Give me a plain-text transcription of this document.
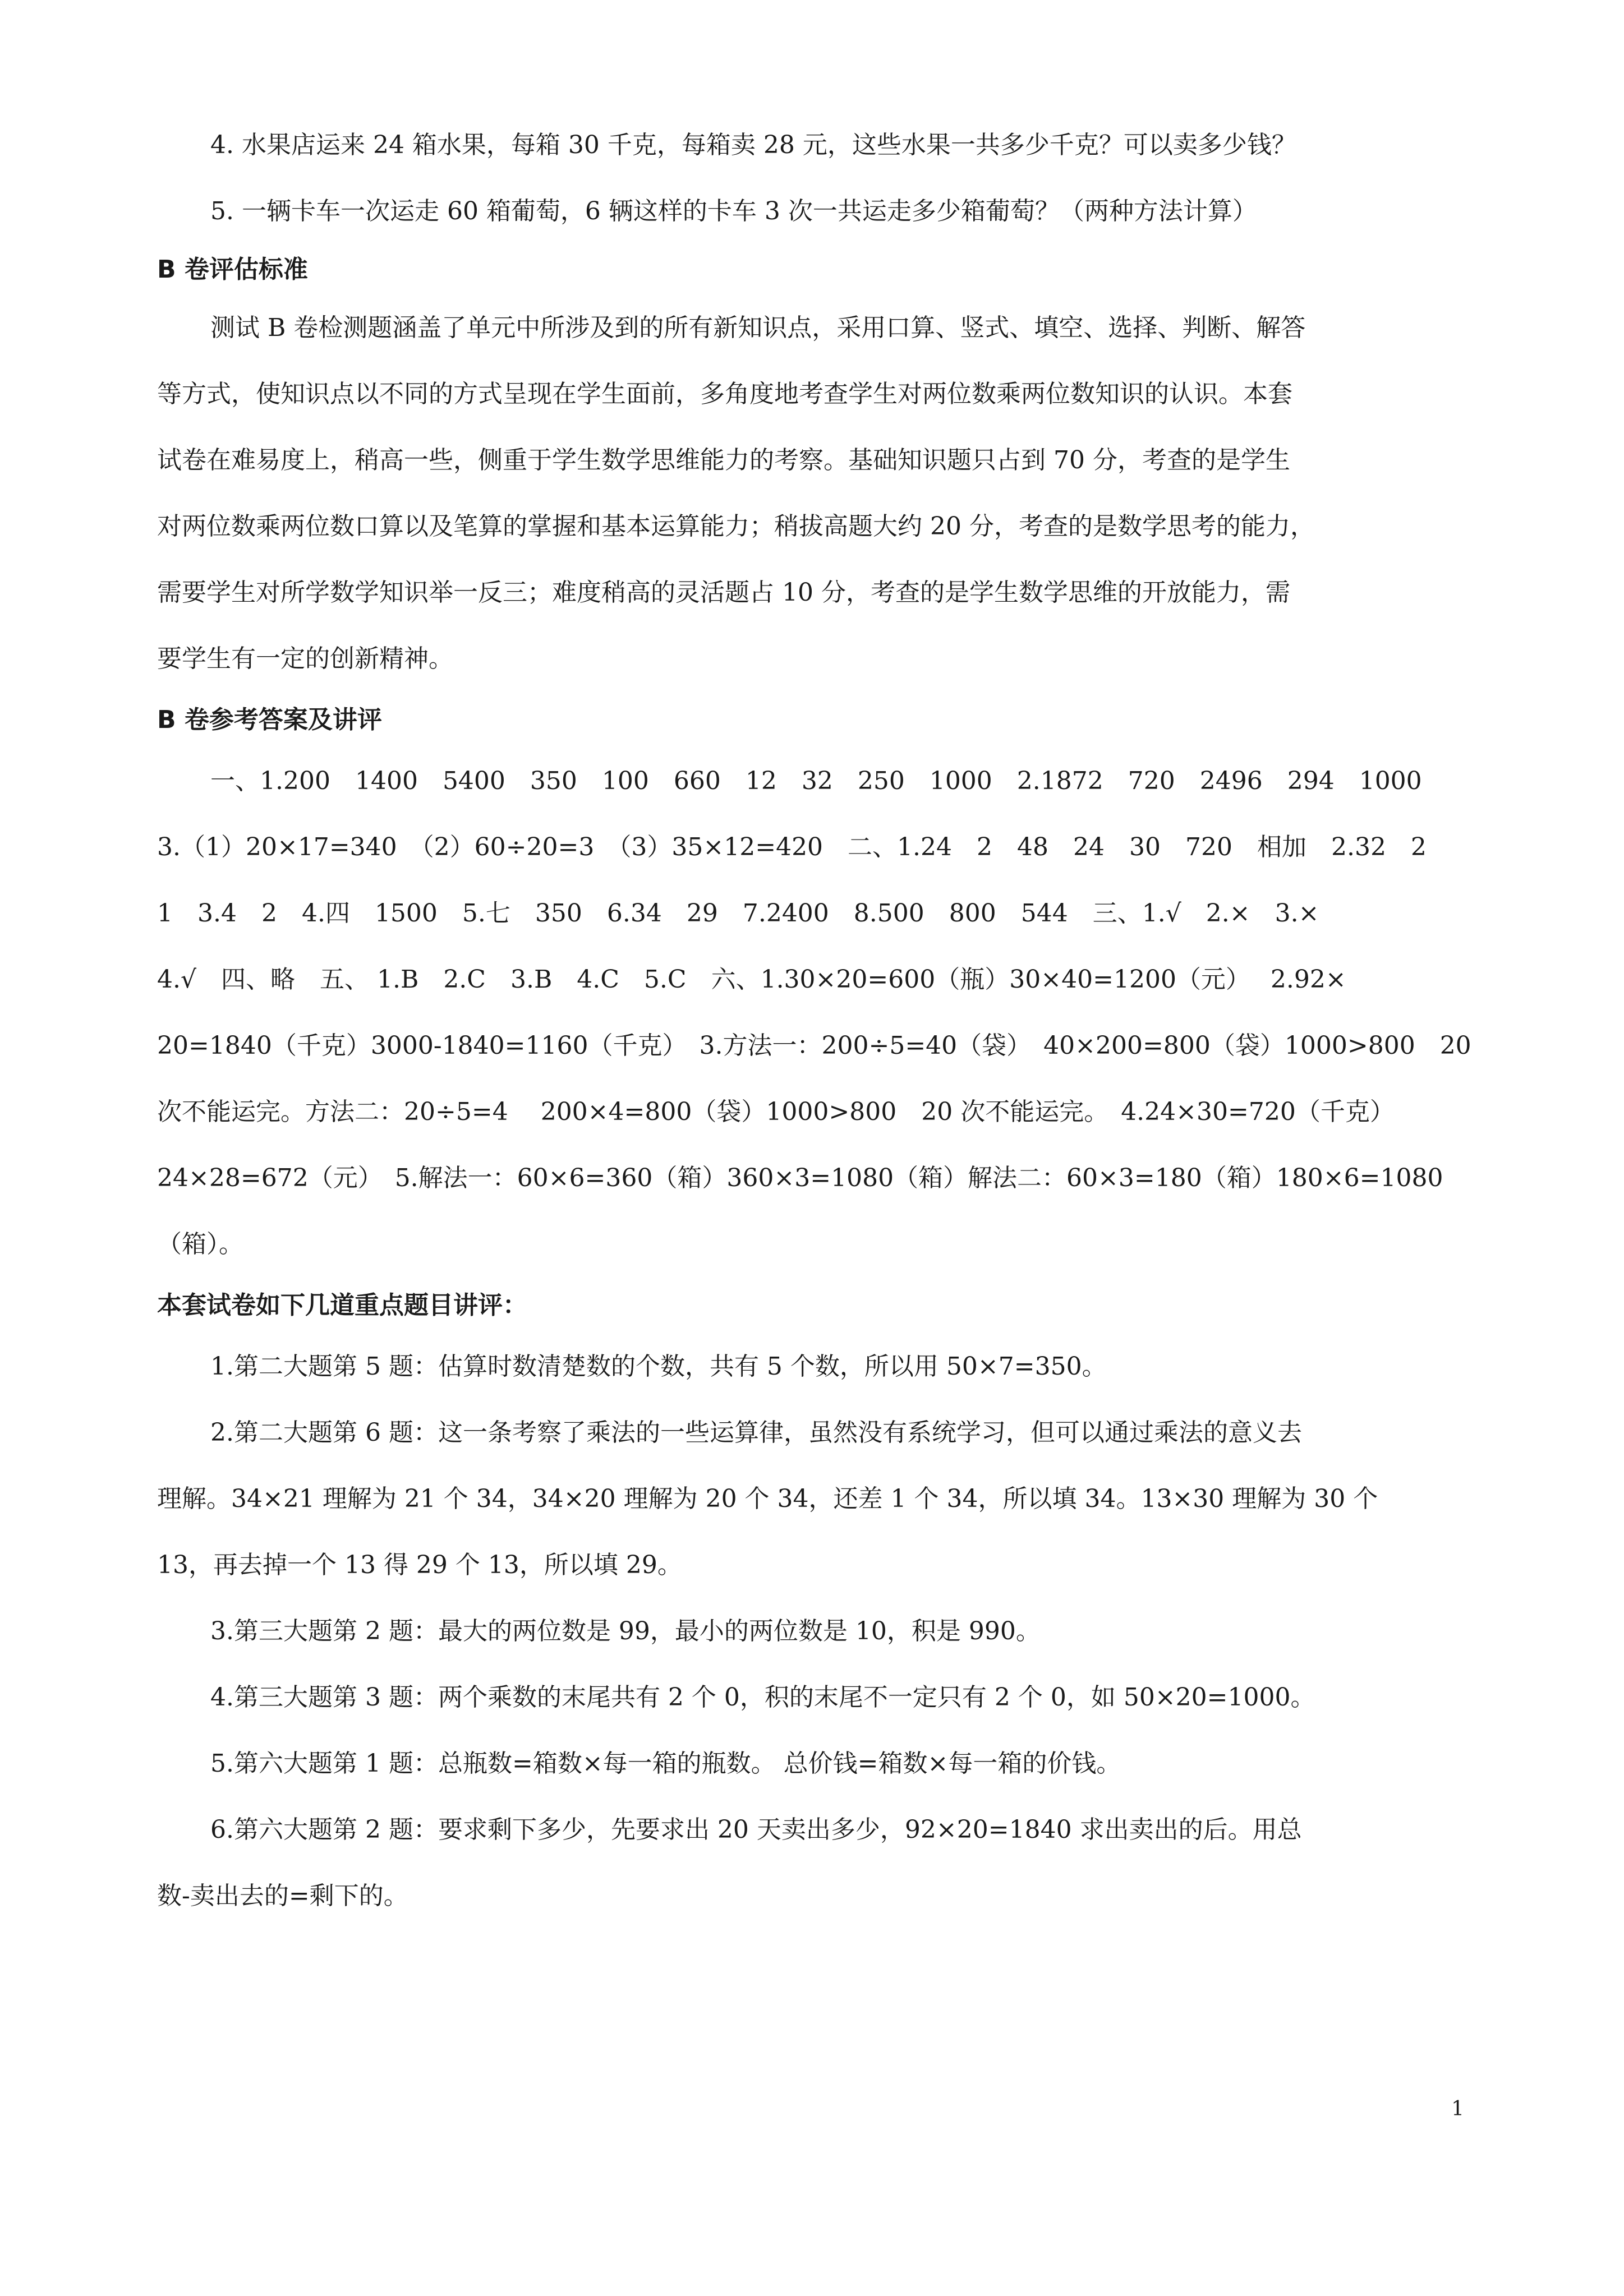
4. 水果店运来 24 箱水果，每箱 30 千克，每箱卖 28 元，这些水果一共多少千克？可以卖多少钱？

5. 一辆卡车一次运走 60 箱葡萄，6 辆这样的卡车 3 次一共运走多少箱葡萄？（两种方法计算）

B 卷评估标准

测试 B 卷检测题涵盖了单元中所涉及到的所有新知识点，采用口算、竖式、填空、选择、判断、解答

等方式，使知识点以不同的方式呈现在学生面前，多角度地考查学生对两位数乘两位数知识的认识。本套

试卷在难易度上，稍高一些，侧重于学生数学思维能力的考察。基础知识题只占到 70 分，考查的是学生

对两位数乘两位数口算以及笔算的掌握和基本运算能力；稍拔高题大约 20 分，考查的是数学思考的能力，

需要学生对所学数学知识举一反三；难度稍高的灵活题占 10 分，考查的是学生数学思维的开放能力，需

要学生有一定的创新精神。

B 卷参考答案及讲评

一、1.200　1400　5400　350　100　660　12　32　250　1000　2.1872　720　2496　294　1000

3.（1）20×17=340　（2）60÷20=3　（3）35×12=420　二、1.24　2　48　24　30　720　相加　2.32　2

1　3.4　2　4.四　1500　5.七　350　6.34　29　7.2400　8.500　800　544　三、1.√　2.×　3.×

4.√　四、略　五、 1.B　2.C　3.B　4.C　5.C　六、1.30×20=600（瓶）30×40=1200（元）　 2.92×

20=1840（千克）3000-1840=1160（千克）　3.方法一：200÷5=40（袋）　40×200=800（袋）1000>800　20

次不能运完。方法二：20÷5=4　 200×4=800（袋）1000>800　20 次不能运完。　4.24×30=720（千克）

24×28=672（元）　5.解法一：60×6=360（箱）360×3=1080（箱）解法二：60×3=180（箱）180×6=1080

（箱）。

本套试卷如下几道重点题目讲评：

1.第二大题第 5 题：估算时数清楚数的个数，共有 5 个数，所以用 50×7=350。

2.第二大题第 6 题：这一条考察了乘法的一些运算律，虽然没有系统学习，但可以通过乘法的意义去

理解。34×21 理解为 21 个 34，34×20 理解为 20 个 34，还差 1 个 34，所以填 34。13×30 理解为 30 个

13，再去掉一个 13 得 29 个 13，所以填 29。

3.第三大题第 2 题：最大的两位数是 99，最小的两位数是 10，积是 990。

4.第三大题第 3 题：两个乘数的末尾共有 2 个 0，积的末尾不一定只有 2 个 0，如 50×20=1000。

5.第六大题第 1 题：总瓶数=箱数×每一箱的瓶数。 总价钱=箱数×每一箱的价钱。

6.第六大题第 2 题：要求剩下多少，先要求出 20 天卖出多少，92×20=1840 求出卖出的后。用总

数-卖出去的=剩下的。

1
